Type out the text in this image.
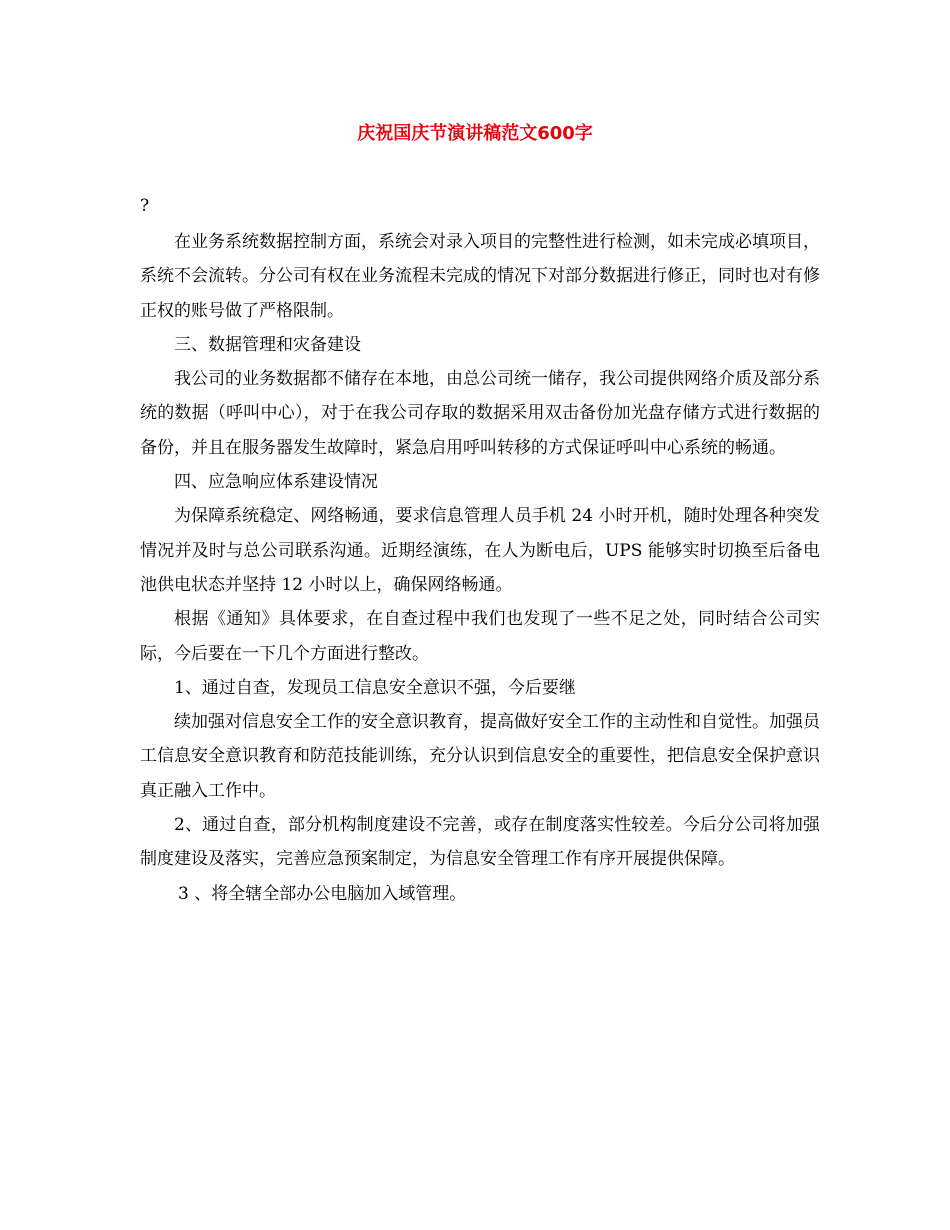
庆祝国庆节演讲稿范文600字
?

在业务系统数据控制方面，系统会对录入项目的完整性进行检测，如未完成必填项目，系统不会流转。分公司有权在业务流程未完成的情况下对部分数据进行修正，同时也对有修正权的账号做了严格限制。

三、数据管理和灾备建设

我公司的业务数据都不储存在本地，由总公司统一储存，我公司提供网络介质及部分系统的数据（呼叫中心），对于在我公司存取的数据采用双击备份加光盘存储方式进行数据的备份，并且在服务器发生故障时，紧急启用呼叫转移的方式保证呼叫中心系统的畅通。

四、应急响应体系建设情况

为保障系统稳定、网络畅通，要求信息管理人员手机 24 小时开机，随时处理各种突发情况并及时与总公司联系沟通。近期经演练，在人为断电后，UPS 能够实时切换至后备电池供电状态并坚持 12 小时以上，确保网络畅通。

根据《通知》具体要求，在自查过程中我们也发现了一些不足之处，同时结合公司实际，今后要在一下几个方面进行整改。

1、通过自查，发现员工信息安全意识不强，今后要继

续加强对信息安全工作的安全意识教育，提高做好安全工作的主动性和自觉性。加强员工信息安全意识教育和防范技能训练，充分认识到信息安全的重要性，把信息安全保护意识真正融入工作中。

2、通过自查，部分机构制度建设不完善，或存在制度落实性较差。今后分公司将加强制度建设及落实，完善应急预案制定，为信息安全管理工作有序开展提供保障。

3 、将全辖全部办公电脑加入域管理。
